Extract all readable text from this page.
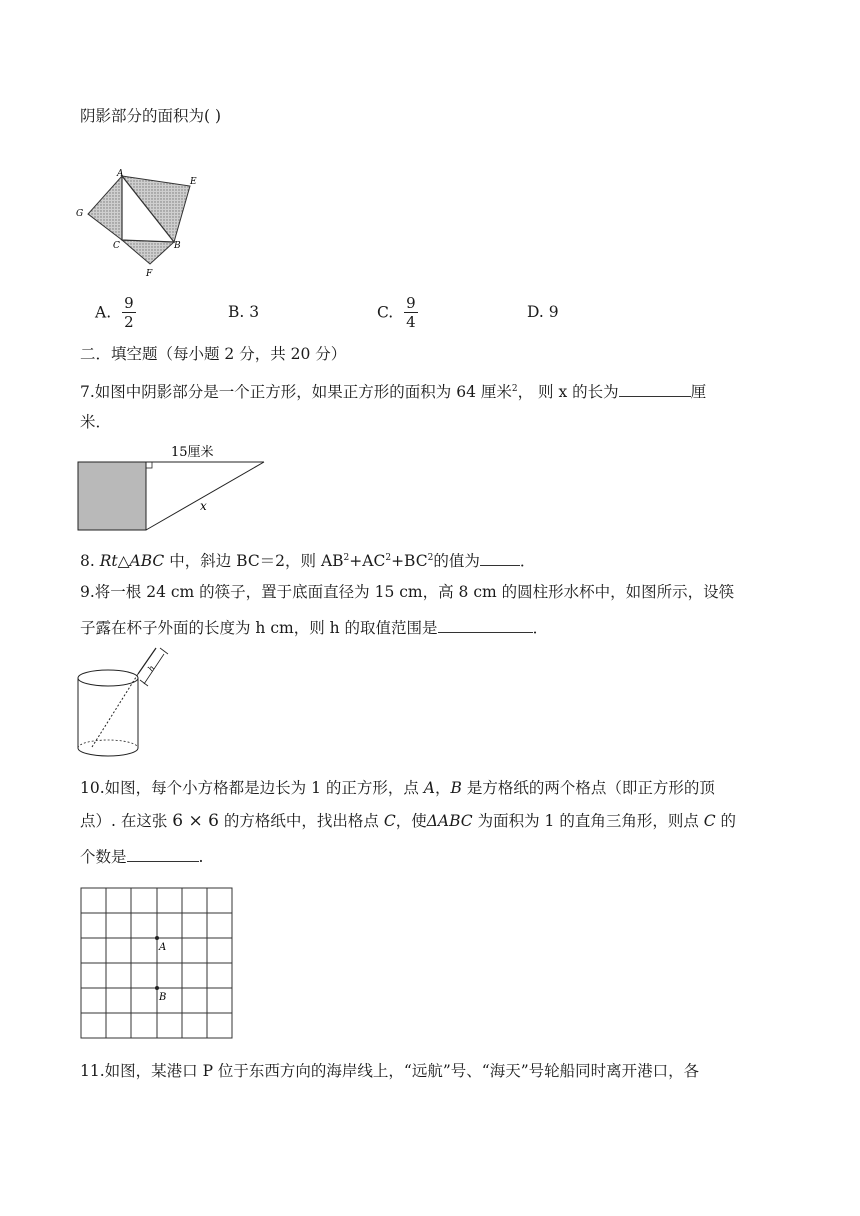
阴影部分的面积为( )
A
E
G
C	B
F
A. $\frac{9}{2}$	B. 3	C. $\frac{9}{4}$	D. 9
二．填空题（每小题 2 分，共 20 分）
7.如图中阴影部分是一个正方形，如果正方形的面积为 64 厘米$^2$， 则 x 的长为	厘
米．
15厘米
x
8. Rt△ABC 中，斜边 BC＝2，则 $AB^2+AC^2+BC^2$的值为	．
9.将一根 24 cm 的筷子，置于底面直径为 15 cm，高 8 cm 的圆柱形水杯中，如图所示，设筷
子露在杯子外面的长度为 h cm，则 h 的取值范围是	．
h
10.如图，每个小方格都是边长为 1 的正方形，点 A，B 是方格纸的两个格点（即正方形的顶
点）. 在这张 6 × 6 的方格纸中，找出格点 C，使ΔABC 为面积为 1 的直角三角形，则点 C 的
个数是	.
A
B
11.如图，某港口 P 位于东西方向的海岸线上，“远航”号、“海天”号轮船同时离开港口，各
